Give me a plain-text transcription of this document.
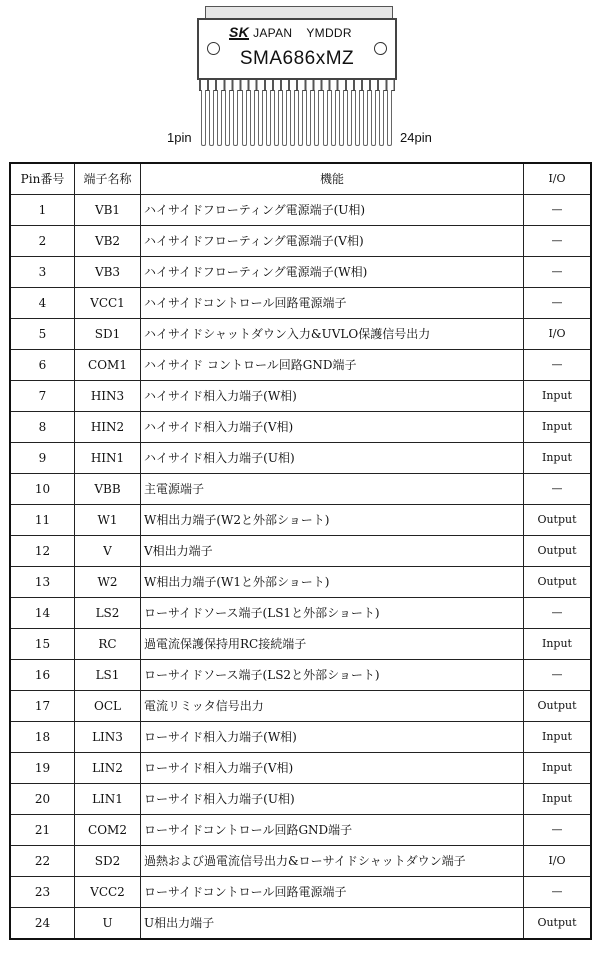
SK JAPAN YMDDR
SMA686xMZ
1pin	24pin
Pin番号	端子名称	機能	I/O
1	VB1	ハイサイドフローティング電源端子(U相)	—
2	VB2	ハイサイドフローティング電源端子(V相)	—
3	VB3	ハイサイドフローティング電源端子(W相)	—
4	VCC1	ハイサイドコントロール回路電源端子	—
5	SD1	ハイサイドシャットダウン入力&UVLO保護信号出力	I/O
6	COM1	ハイサイド コントロール回路GND端子	—
7	HIN3	ハイサイド相入力端子(W相)	Input
8	HIN2	ハイサイド相入力端子(V相)	Input
9	HIN1	ハイサイド相入力端子(U相)	Input
10	VBB	主電源端子	—
11	W1	W相出力端子(W2と外部ショート)	Output
12	V	V相出力端子	Output
13	W2	W相出力端子(W1と外部ショート)	Output
14	LS2	ローサイドソース端子(LS1と外部ショート)	—
15	RC	過電流保護保持用RC接続端子	Input
16	LS1	ローサイドソース端子(LS2と外部ショート)	—
17	OCL	電流リミッタ信号出力	Output
18	LIN3	ローサイド相入力端子(W相)	Input
19	LIN2	ローサイド相入力端子(V相)	Input
20	LIN1	ローサイド相入力端子(U相)	Input
21	COM2	ローサイドコントロール回路GND端子	—
22	SD2	過熱および過電流信号出力&ローサイドシャットダウン端子	I/O
23	VCC2	ローサイドコントロール回路電源端子	—
24	U	U相出力端子	Output
